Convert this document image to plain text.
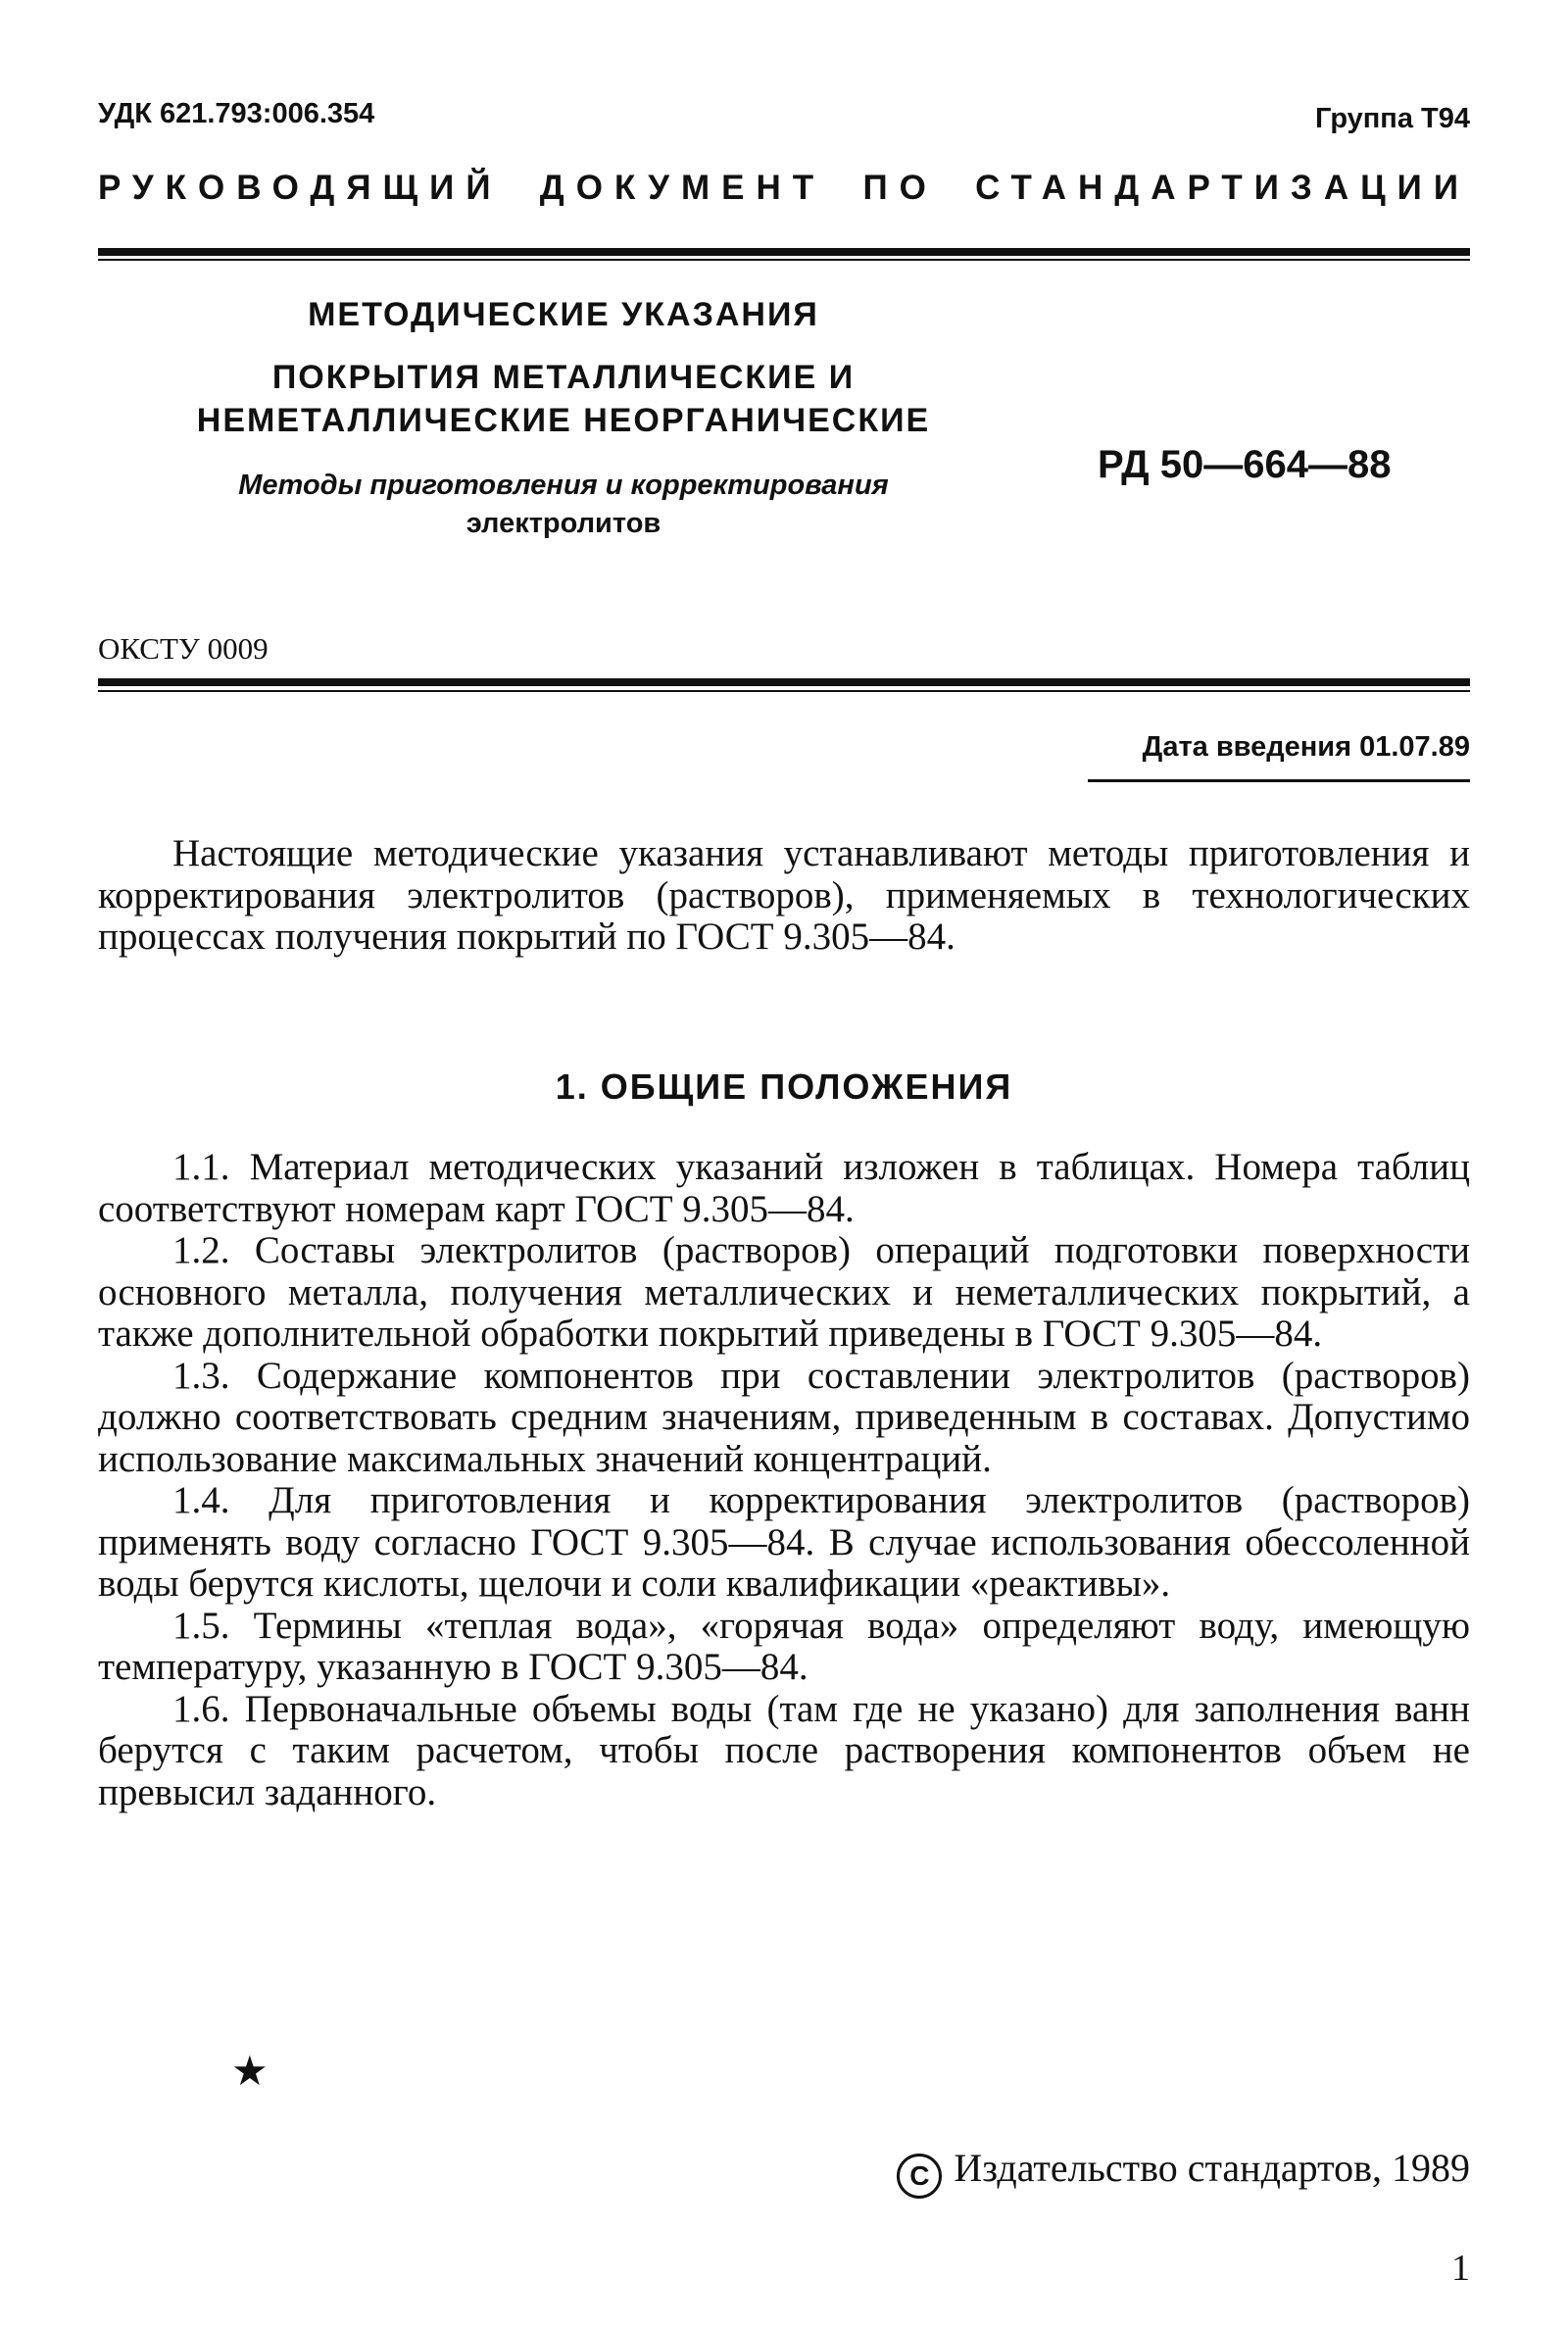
УДК 621.793:006.354	Группа Т94
РУКОВОДЯЩИЙ ДОКУМЕНТ ПО СТАНДАРТИЗАЦИИ
МЕТОДИЧЕСКИЕ УКАЗАНИЯ
ПОКРЫТИЯ МЕТАЛЛИЧЕСКИЕ И
НЕМЕТАЛЛИЧЕСКИЕ НЕОРГАНИЧЕСКИЕ
Методы приготовления и корректирования
электролитов
РД 50—664—88
ОКСТУ 0009
Дата введения 01.07.89

Настоящие методические указания устанавливают методы приготовления и корректирования электролитов (растворов), применяемых в технологических процессах получения покрытий по ГОСТ 9.305—84.

1. ОБЩИЕ ПОЛОЖЕНИЯ

1.1. Материал методических указаний изложен в таблицах. Номера таблиц соответствуют номерам карт ГОСТ 9.305—84.

1.2. Составы электролитов (растворов) операций подготовки поверхности основного металла, получения металлических и неметаллических покрытий, а также дополнительной обработки покрытий приведены в ГОСТ 9.305—84.

1.3. Содержание компонентов при составлении электролитов (растворов) должно соответствовать средним значениям, приведенным в составах. Допустимо использование максимальных значений концентраций.

1.4. Для приготовления и корректирования электролитов (растворов) применять воду согласно ГОСТ 9.305—84. В случае использования обессоленной воды берутся кислоты, щелочи и соли квалификации «реактивы».

1.5. Термины «теплая вода», «горячая вода» определяют воду, имеющую температуру, указанную в ГОСТ 9.305—84.

1.6. Первоначальные объемы воды (там где не указано) для заполнения ванн берутся с таким расчетом, чтобы после растворения компонентов объем не превысил заданного.

★
C Издательство стандартов, 1989
1
